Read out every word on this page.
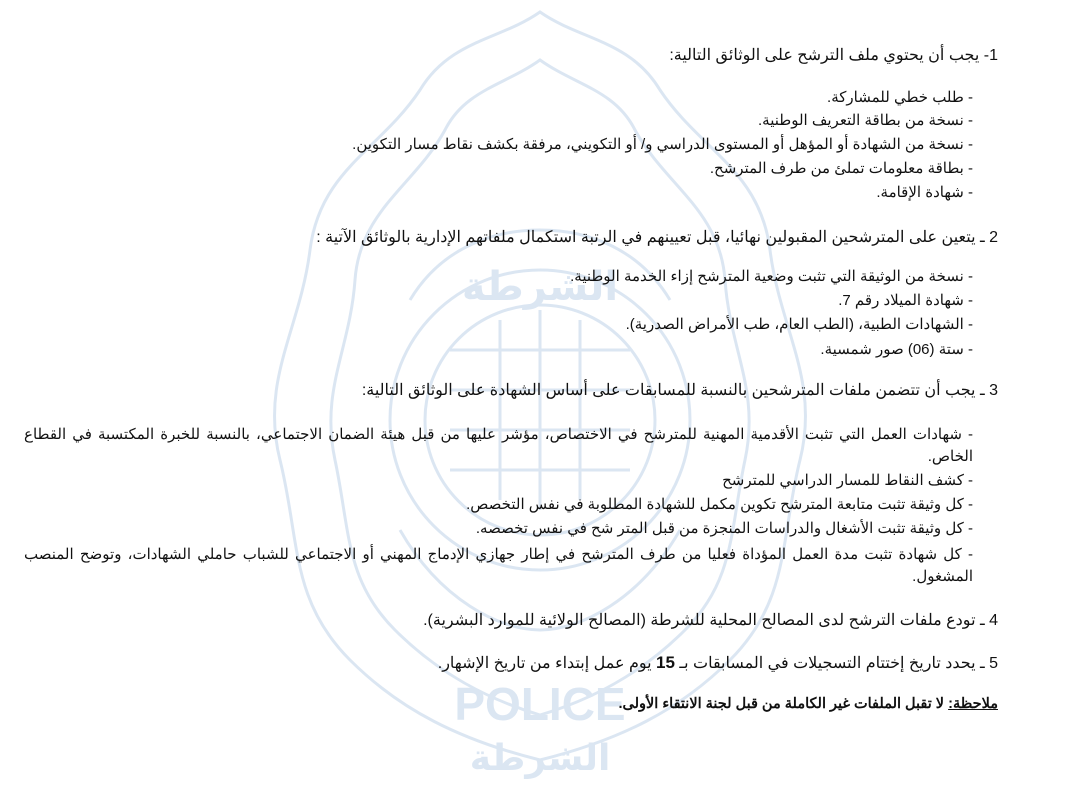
POLICE
الشرطة
الشرطة
1- يجب أن يحتوي ملف الترشح على الوثائق التالية:
- طلب خطي للمشاركة.
- نسخة من بطاقة التعريف الوطنية.
- نسخة من الشهادة أو المؤهل أو المستوى الدراسي و/ أو التكويني، مرفقة بكشف نقاط مسار التكوين.
- بطاقة معلومات تملئ من طرف المترشح.
- شهادة الإقامة.
2 ـ يتعين على المترشحين المقبولين نهائيا، قبل تعيينهم في الرتبة استكمال ملفاتهم الإدارية بالوثائق الآتية :
- نسخة من الوثيقة التي تثبت وضعية المترشح إزاء الخدمة الوطنية.
- شهادة الميلاد رقم 7.
- الشهادات الطبية، (الطب العام، طب الأمراض الصدرية).
- ستة (06) صور شمسية.
3 ـ يجب أن تتضمن ملفات المترشحين بالنسبة للمسابقات على أساس الشهادة على الوثائق التالية:
- شهادات العمل التي تثبت الأقدمية المهنية للمترشح في الاختصاص، مؤشر عليها من قبل هيئة الضمان الاجتماعي، بالنسبة للخبرة المكتسبة في القطاع الخاص.
- كشف النقاط للمسار الدراسي للمترشح
- كل وثيقة تثبت متابعة المترشح تكوين مكمل للشهادة المطلوبة في نفس التخصص.
- كل وثيقة تثبت الأشغال والدراسات المنجزة من قبل المتر شح في نفس تخصصه.
- كل شهادة تثبت مدة العمل المؤداة فعليا من طرف المترشح في إطار جهازي الإدماج المهني أو الاجتماعي للشباب حاملي الشهادات، وتوضح المنصب المشغول.
4 ـ تودع ملفات الترشح لدى المصالح المحلية للشرطة (المصالح الولائية للموارد البشرية).
5 ـ يحدد تاريخ إختتام التسجيلات في المسابقات بـ 15 يوم عمل إبتداء من تاريخ الإشهار.
ملاحظة: لا تقبل الملفات غير الكاملة من قبل لجنة الانتقاء الأولى.
